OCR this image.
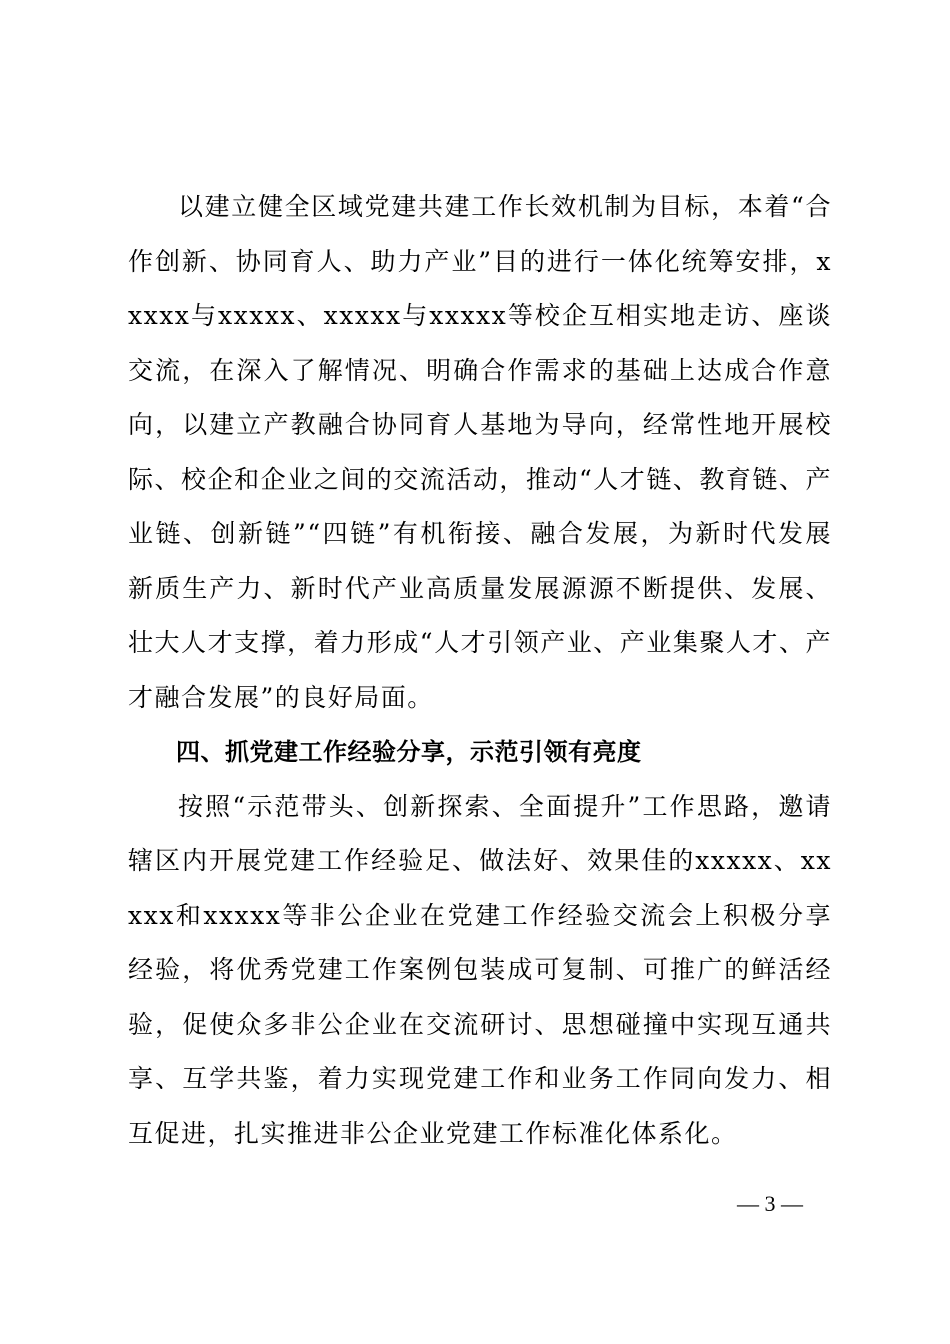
以建立健全区域党建共建工作长效机制为目标，本着“合作创新、协同育人、助力产业”目的进行一体化统筹安排，xxxxx与xxxxx、xxxxx与xxxxx等校企互相实地走访、座谈交流，在深入了解情况、明确合作需求的基础上达成合作意向，以建立产教融合协同育人基地为导向，经常性地开展校际、校企和企业之间的交流活动，推动“人才链、教育链、产业链、创新链”“四链”有机衔接、融合发展，为新时代发展新质生产力、新时代产业高质量发展源源不断提供、发展、壮大人才支撑，着力形成“人才引领产业、产业集聚人才、产才融合发展”的良好局面。

四、抓党建工作经验分享，示范引领有亮度

按照“示范带头、创新探索、全面提升”工作思路，邀请辖区内开展党建工作经验足、做法好、效果佳的xxxxx、xxxxx和xxxxx等非公企业在党建工作经验交流会上积极分享经验，将优秀党建工作案例包装成可复制、可推广的鲜活经验，促使众多非公企业在交流研讨、思想碰撞中实现互通共享、互学共鉴，着力实现党建工作和业务工作同向发力、相互促进，扎实推进非公企业党建工作标准化体系化。

— 3 —
